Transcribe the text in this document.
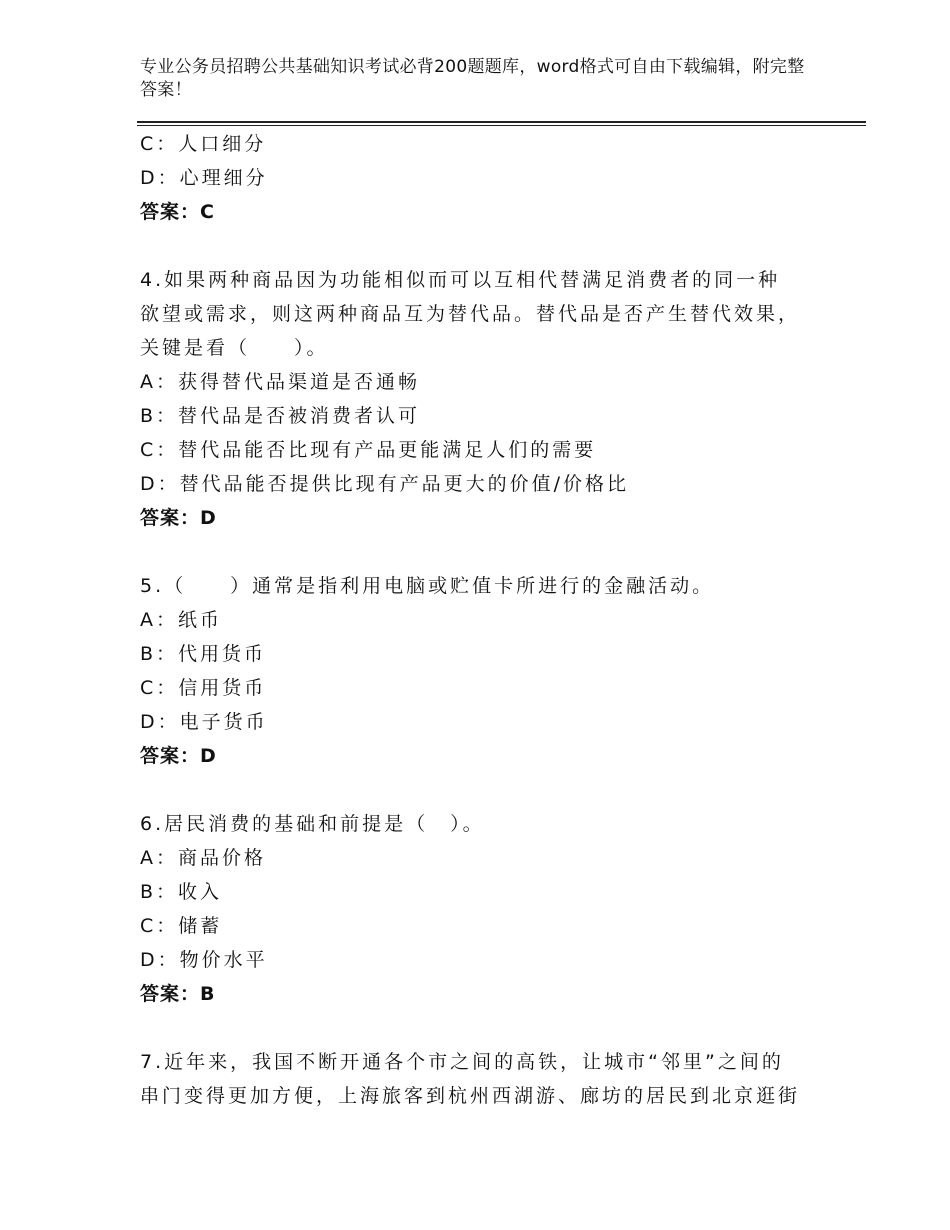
专业公务员招聘公共基础知识考试必背200题题库，word格式可自由下载编辑，附完整答案！
C：人口细分
D：心理细分
答案：C
4.如果两种商品因为功能相似而可以互相代替满足消费者的同一种欲望或需求，则这两种商品互为替代品。替代品是否产生替代效果，关键是看（　　）。
A：获得替代品渠道是否通畅
B：替代品是否被消费者认可
C：替代品能否比现有产品更能满足人们的需要
D：替代品能否提供比现有产品更大的价值/价格比
答案：D
5.（　　）通常是指利用电脑或贮值卡所进行的金融活动。
A：纸币
B：代用货币
C：信用货币
D：电子货币
答案：D
6.居民消费的基础和前提是（　）。
A：商品价格
B：收入
C：储蓄
D：物价水平
答案：B
7.近年来，我国不断开通各个市之间的高铁，让城市“邻里”之间的串门变得更加方便，上海旅客到杭州西湖游、廊坊的居民到北京逛街
